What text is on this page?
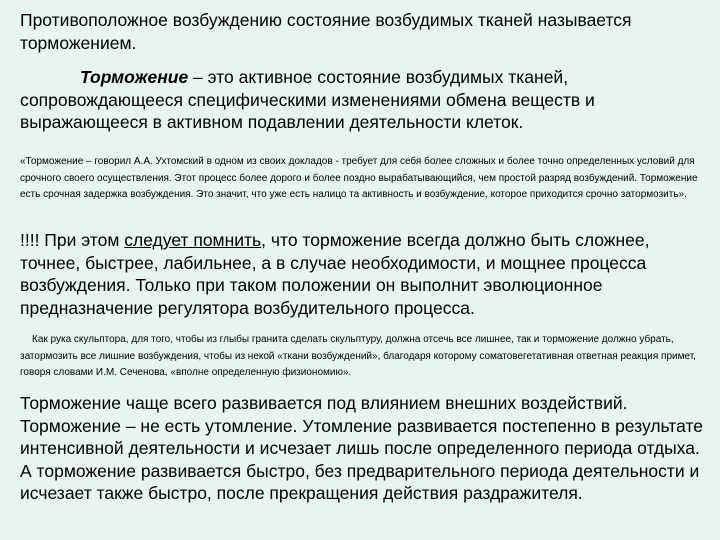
Противоположное возбуждению состояние возбудимых тканей называется торможением.

Торможение – это активное состояние возбудимых тканей, сопровождающееся специфическими изменениями обмена веществ и выражающееся в активном подавлении деятельности клеток.

«Торможение – говорил А.А. Ухтомский в одном из своих докладов - требует для себя более сложных и более точно определенных условий для срочного своего осуществления. Этот процесс более дорого и более поздно вырабатывающийся, чем простой разряд возбуждений. Торможение есть срочная задержка возбуждения. Это значит, что уже есть налицо та активность и возбуждение, которое приходится срочно затормозить».

!!!! При этом следует помнить, что торможение всегда должно быть сложнее, точнее, быстрее, лабильнее, а в случае необходимости, и мощнее процесса возбуждения. Только при таком положении он выполнит эволюционное предназначение регулятора возбудительного процесса.

Как рука скульптора, для того, чтобы из глыбы гранита сделать скульптуру, должна отсечь все лишнее, так и торможение должно убрать, затормозить все лишние возбуждения, чтобы из некой «ткани возбуждений», благодаря которому соматовегетативная ответная реакция примет, говоря словами И.М. Сеченова, «вполне определенную физиономию».

Торможение чаще всего развивается под влиянием внешних воздействий. Торможение – не есть утомление. Утомление развивается постепенно в результате интенсивной деятельности и исчезает лишь после определенного периода отдыха. А торможение развивается быстро, без предварительного периода деятельности и исчезает также быстро, после прекращения действия раздражителя.
